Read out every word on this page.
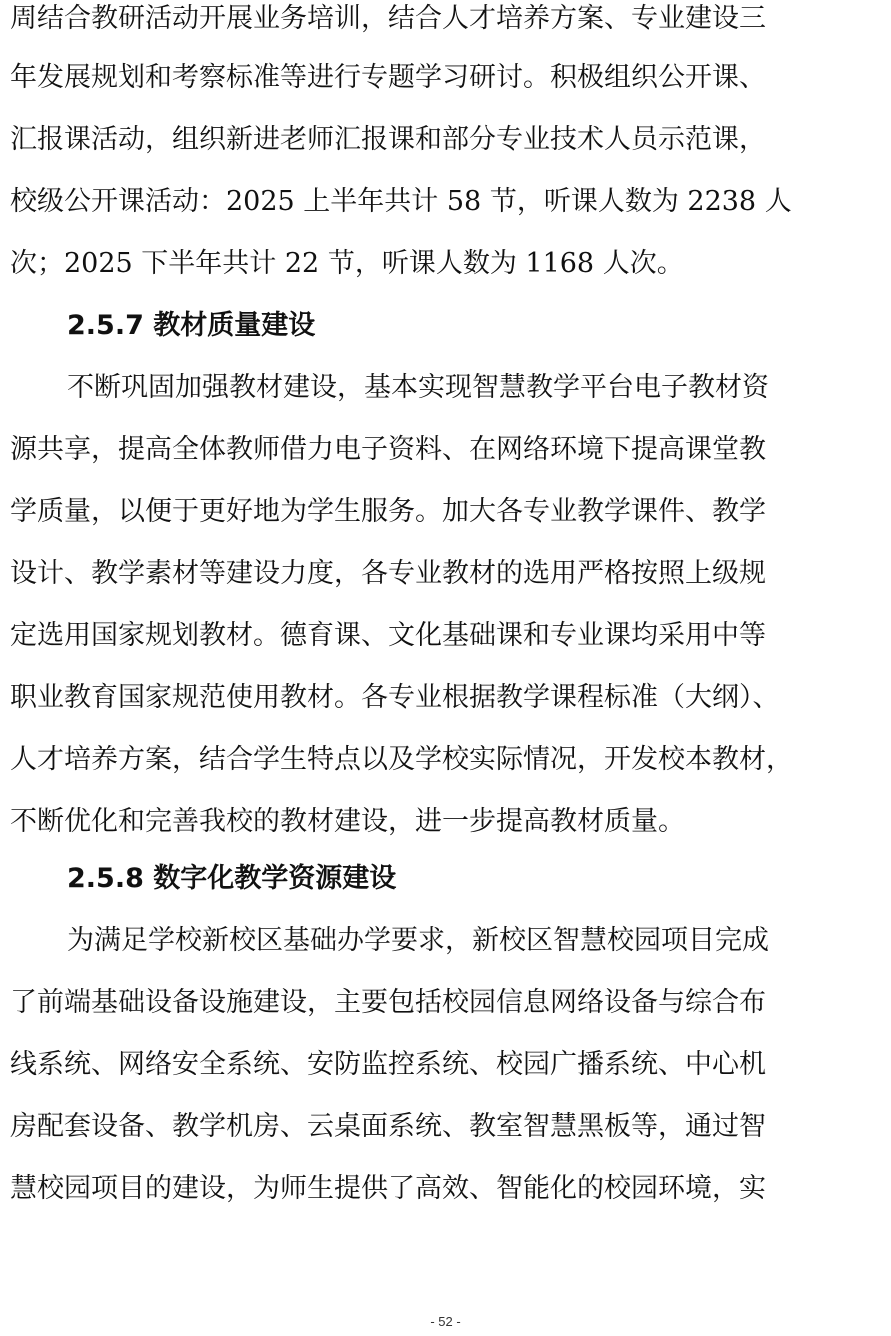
周结合教研活动开展业务培训，结合人才培养方案、专业建设三
年发展规划和考察标准等进行专题学习研讨。积极组织公开课、
汇报课活动，组织新进老师汇报课和部分专业技术人员示范课，
校级公开课活动：2025 上半年共计 58 节，听课人数为 2238 人
次；2025 下半年共计 22 节，听课人数为 1168 人次。
2.5.7 教材质量建设
不断巩固加强教材建设，基本实现智慧教学平台电子教材资
源共享，提高全体教师借力电子资料、在网络环境下提高课堂教
学质量，以便于更好地为学生服务。加大各专业教学课件、教学
设计、教学素材等建设力度，各专业教材的选用严格按照上级规
定选用国家规划教材。德育课、文化基础课和专业课均采用中等
职业教育国家规范使用教材。各专业根据教学课程标准（大纲）、
人才培养方案，结合学生特点以及学校实际情况，开发校本教材，
不断优化和完善我校的教材建设，进一步提高教材质量。
2.5.8 数字化教学资源建设
为满足学校新校区基础办学要求，新校区智慧校园项目完成
了前端基础设备设施建设，主要包括校园信息网络设备与综合布
线系统、网络安全系统、安防监控系统、校园广播系统、中心机
房配套设备、教学机房、云桌面系统、教室智慧黑板等，通过智
慧校园项目的建设，为师生提供了高效、智能化的校园环境，实
- 52 -
